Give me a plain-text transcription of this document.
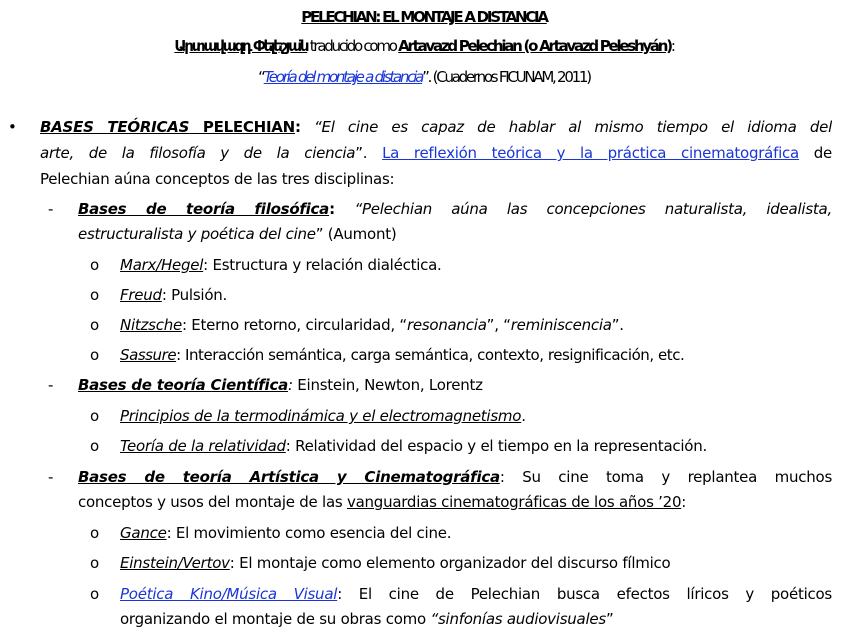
PELECHIAN: EL MONTAJE A DISTANCIA

Արտավազդ Փելեշյան traducido como Artavazd Pelechian (o Artavazd Peleshyán):

“Teoría del montaje a distancia”. (Cuadernos FICUNAM, 2011)

• BASES TEÓRICAS PELECHIAN: “El cine es capaz de hablar al mismo tiempo el idioma del

arte, de la filosofía y de la ciencia”. La reflexión teórica y la práctica cinematográfica de

Pelechian aúna conceptos de las tres disciplinas:

- Bases de teoría filosófica: “Pelechian aúna las concepciones naturalista, idealista,

estructuralista y poética del cine” (Aumont)

o Marx/Hegel: Estructura y relación dialéctica.

o Freud: Pulsión.

o Nitzsche: Eterno retorno, circularidad, “resonancia”, “reminiscencia”.

o Sassure: Interacción semántica, carga semántica, contexto, resignificación, etc.

- Bases de teoría Científica: Einstein, Newton, Lorentz

o Principios de la termodinámica y el electromagnetismo.

o Teoría de la relatividad: Relatividad del espacio y el tiempo en la representación.

- Bases de teoría Artística y Cinematográfica: Su cine toma y replantea muchos

conceptos y usos del montaje de las vanguardias cinematográficas de los años ’20:

o Gance: El movimiento como esencia del cine.

o Einstein/Vertov: El montaje como elemento organizador del discurso fílmico

o Poética Kino/Música Visual: El cine de Pelechian busca efectos líricos y poéticos

organizando el montaje de su obras como “sinfonías audiovisuales”
